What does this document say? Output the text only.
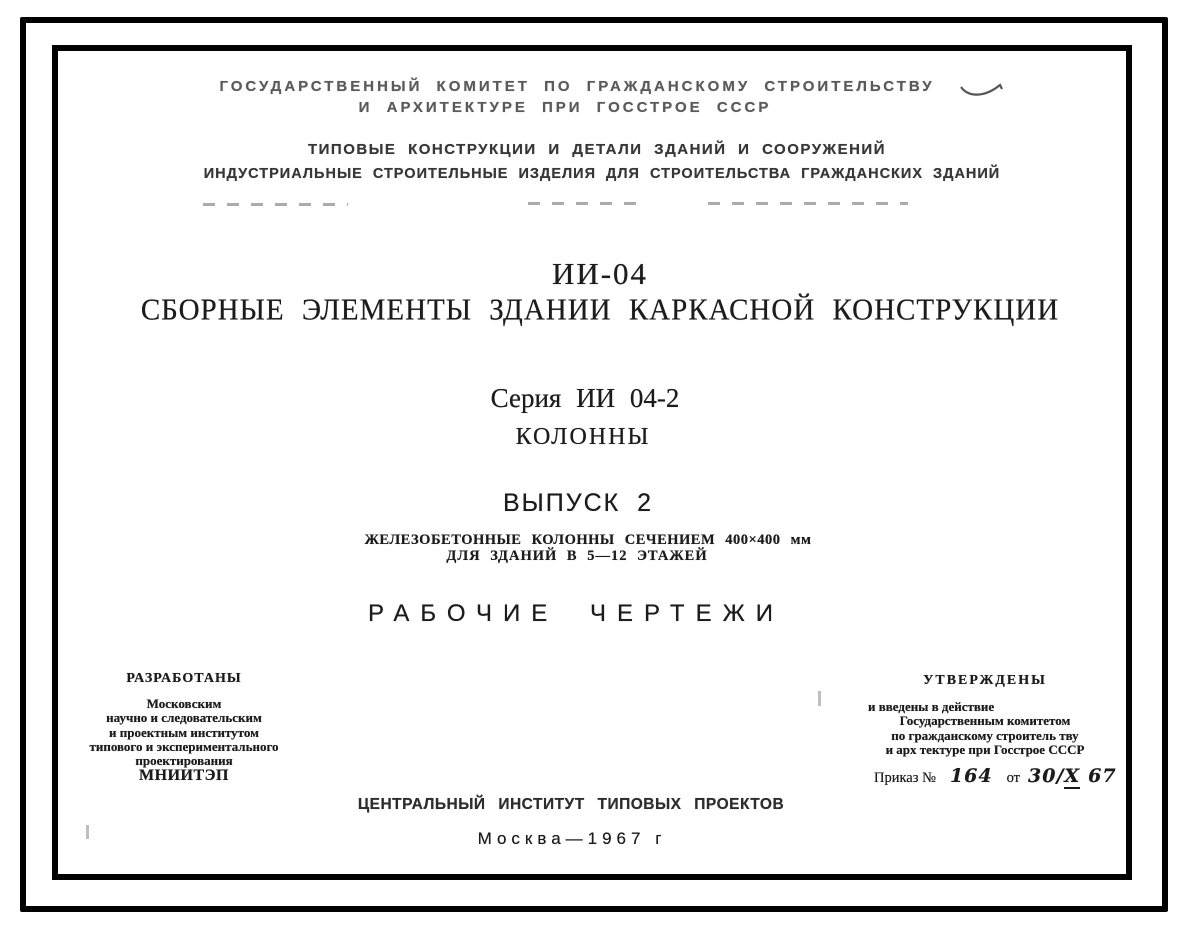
ГОСУДАРСТВЕННЫЙ КОМИТЕТ ПО ГРАЖДАНСКОМУ СТРОИТЕЛЬСТВУ
И АРХИТЕКТУРЕ ПРИ ГОССТРОЕ СССР
ТИПОВЫЕ КОНСТРУКЦИИ И ДЕТАЛИ ЗДАНИЙ И СООРУЖЕНИЙ
ИНДУСТРИАЛЬНЫЕ СТРОИТЕЛЬНЫЕ ИЗДЕЛИЯ ДЛЯ СТРОИТЕЛЬСТВА ГРАЖДАНСКИХ ЗДАНИЙ
ИИ-04
СБОРНЫЕ ЭЛЕМЕНТЫ ЗДАНИИ КАРКАСНОЙ КОНСТРУКЦИИ
Серия ИИ 04-2
КОЛОННЫ
ВЫПУСК 2
ЖЕЛЕЗОБЕТОННЫЕ КОЛОННЫ СЕЧЕНИЕМ 400×400 мм
ДЛЯ ЗДАНИЙ В 5—12 ЭТАЖЕЙ
РАБОЧИЕ ЧЕРТЕЖИ
РАЗРАБОТАНЫ
Московским
научно и следовательским
и проектным институтом
типового и экспериментального
проектирования
МНИИТЭП
УТВЕРЖДЕНЫ
и введены в действие
Государственным комитетом
по гражданскому строитель тву
и арх тектуре при Госстрое СССР
Приказ № 164 от 30/X 67
ЦЕНТРАЛЬНЫЙ ИНСТИТУТ ТИПОВЫХ ПРОЕКТОВ
Москва—1967 г
